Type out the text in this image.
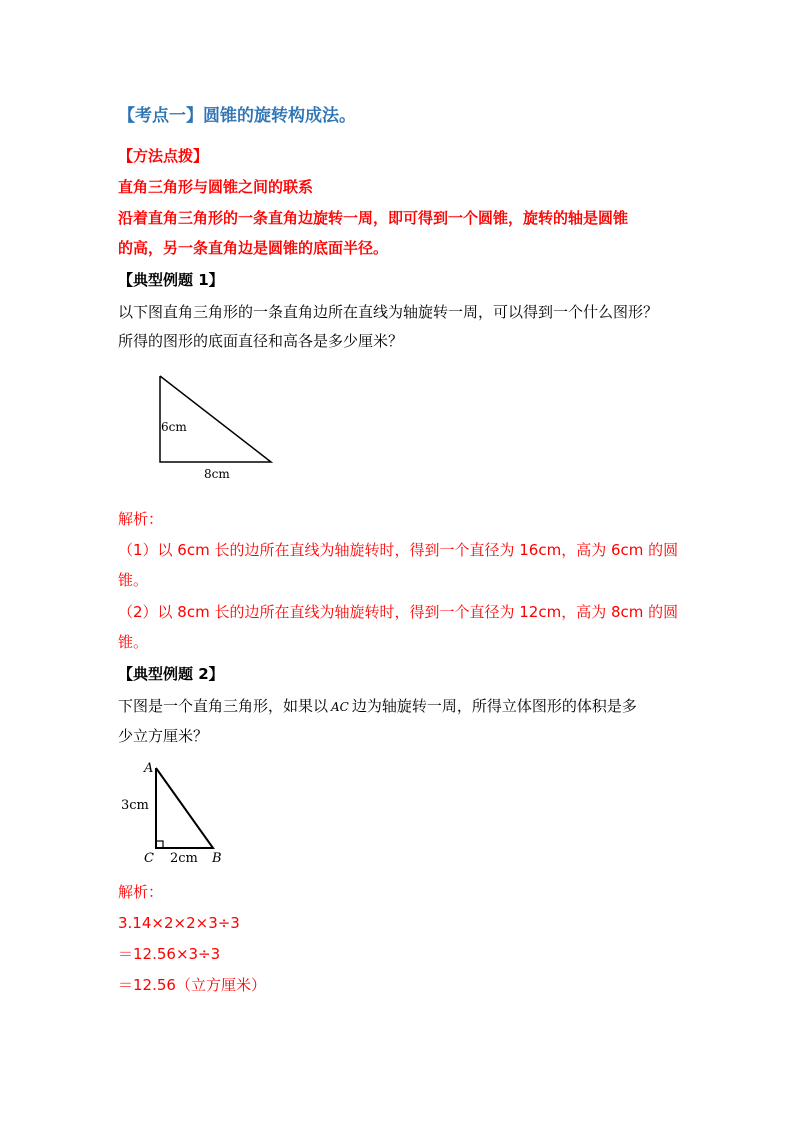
【考点一】圆锥的旋转构成法。
【方法点拨】
直角三角形与圆锥之间的联系
沿着直角三角形的一条直角边旋转一周，即可得到一个圆锥，旋转的轴是圆锥
的高，另一条直角边是圆锥的底面半径。
【典型例题 1】
以下图直角三角形的一条直角边所在直线为轴旋转一周，可以得到一个什么图形？
所得的图形的底面直径和高各是多少厘米？
6cm
8cm
解析：
（1）以 6cm 长的边所在直线为轴旋转时，得到一个直径为 16cm，高为 6cm 的圆
锥。
（2）以 8cm 长的边所在直线为轴旋转时，得到一个直径为 12cm，高为 8cm 的圆
锥。
【典型例题 2】
下图是一个直角三角形，如果以 AC 边为轴旋转一周，所得立体图形的体积是多
少立方厘米？
A
C	B
3cm
2cm
解析：
3.14×2×2×3÷3
＝12.56×3÷3
＝12.56（立方厘米）
